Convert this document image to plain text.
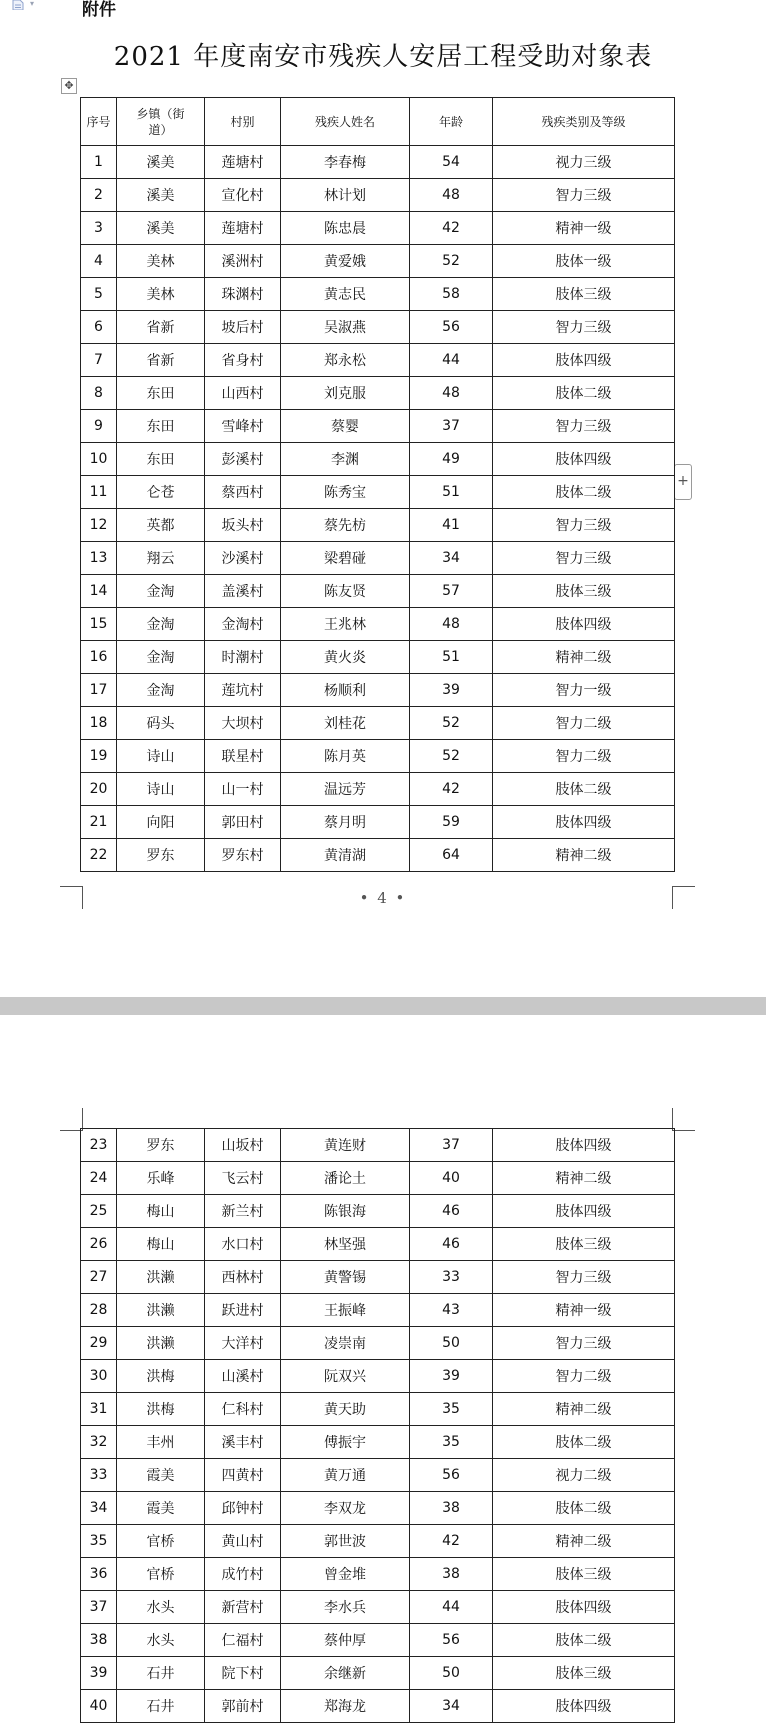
▾	附件
2021 年度南安市残疾人安居工程受助对象表
✥
+
序号	乡镇（街道）	村别	残疾人姓名	年龄	残疾类别及等级
1	溪美	莲塘村	李春梅	54	视力三级
2	溪美	宣化村	林计划	48	智力三级
3	溪美	莲塘村	陈忠晨	42	精神一级
4	美林	溪洲村	黄爱娥	52	肢体一级
5	美林	珠渊村	黄志民	58	肢体三级
6	省新	坡后村	吴淑燕	56	智力三级
7	省新	省身村	郑永松	44	肢体四级
8	东田	山西村	刘克服	48	肢体二级
9	东田	雪峰村	蔡婴	37	智力三级
10	东田	彭溪村	李渊	49	肢体四级
11	仑苍	蔡西村	陈秀宝	51	肢体二级
12	英都	坂头村	蔡先枋	41	智力三级
13	翔云	沙溪村	梁碧碰	34	智力三级
14	金淘	盖溪村	陈友贤	57	肢体三级
15	金淘	金淘村	王兆林	48	肢体四级
16	金淘	时潮村	黄火炎	51	精神二级
17	金淘	莲坑村	杨顺利	39	智力一级
18	码头	大坝村	刘桂花	52	智力二级
19	诗山	联星村	陈月英	52	智力二级
20	诗山	山一村	温远芳	42	肢体二级
21	向阳	郭田村	蔡月明	59	肢体四级
22	罗东	罗东村	黄清湖	64	精神二级
• 4 •
23	罗东	山坂村	黄连财	37	肢体四级
24	乐峰	飞云村	潘论土	40	精神二级
25	梅山	新兰村	陈银海	46	肢体四级
26	梅山	水口村	林坚强	46	肢体三级
27	洪濑	西林村	黄警锡	33	智力三级
28	洪濑	跃进村	王振峰	43	精神一级
29	洪濑	大洋村	凌崇南	50	智力三级
30	洪梅	山溪村	阮双兴	39	智力二级
31	洪梅	仁科村	黄天助	35	精神二级
32	丰州	溪丰村	傅振宇	35	肢体二级
33	霞美	四黄村	黄万通	56	视力二级
34	霞美	邱钟村	李双龙	38	肢体二级
35	官桥	黄山村	郭世波	42	精神二级
36	官桥	成竹村	曾金堆	38	肢体三级
37	水头	新营村	李水兵	44	肢体四级
38	水头	仁福村	蔡仲厚	56	肢体二级
39	石井	院下村	余继新	50	肢体三级
40	石井	郭前村	郑海龙	34	肢体四级
